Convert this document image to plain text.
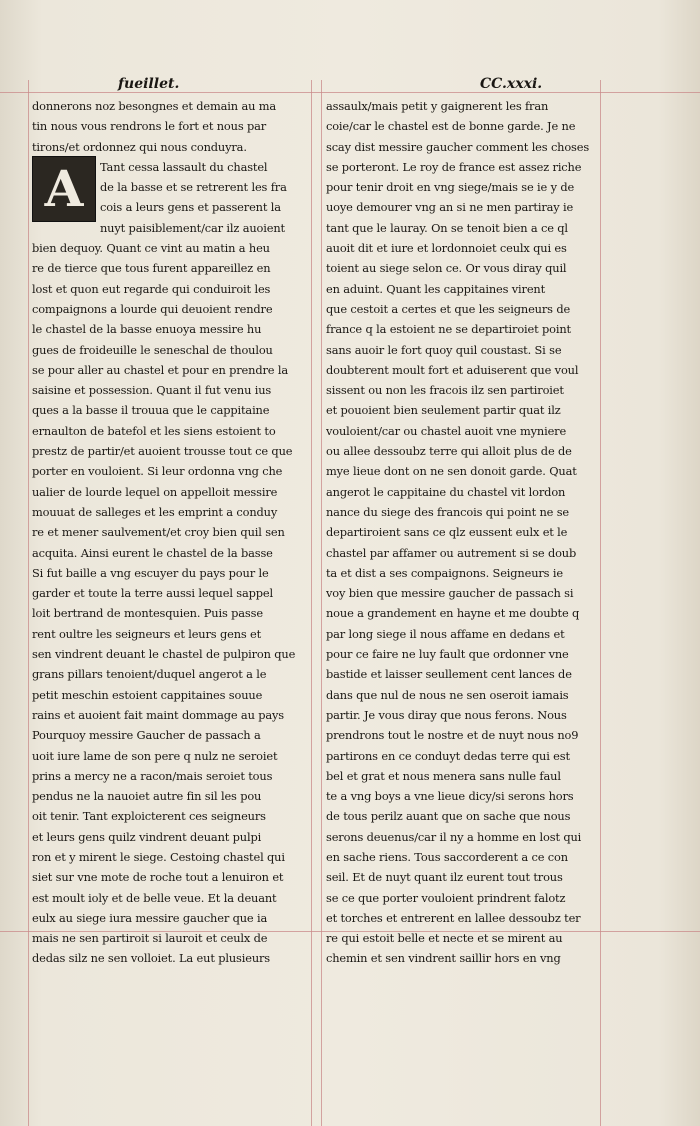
fueillet.	CC.xxxi.
A
donnerons noz besongnes et demain au ma
tin nous vous rendrons le fort et nous par
tirons/et ordonnez qui nous conduyra.
Tant cessa lassault du chastel
de la basse et se retrerent les fra
cois a leurs gens et passerent la
nuyt paisiblement/car ilz auoient
bien dequoy. Quant ce vint au matin a heu
re de tierce que tous furent appareillez en
lost et quon eut regarde qui conduiroit les
compaignons a lourde qui deuoient rendre
le chastel de la basse enuoya messire hu
gues de froideuille le seneschal de thoulou
se pour aller au chastel et pour en prendre la
saisine et possession. Quant il fut venu ius
ques a la basse il trouua que le cappitaine
ernaulton de batefol et les siens estoient to
prestz de partir/et auoient trousse tout ce que
porter en vouloient. Si leur ordonna vng che
ualier de lourde lequel on appelloit messire
mouuat de salleges et les emprint a conduy
re et mener saulvement/et croy bien quil sen
acquita. Ainsi eurent le chastel de la basse
Si fut baille a vng escuyer du pays pour le
garder et toute la terre aussi lequel sappel
loit bertrand de montesquien. Puis passe
rent oultre les seigneurs et leurs gens et
sen vindrent deuant le chastel de pulpiron que
grans pillars tenoient/duquel angerot a le
petit meschin estoient cappitaines souue
rains et auoient fait maint dommage au pays
Pourquoy messire Gaucher de passach a
uoit iure lame de son pere q nulz ne seroiet
prins a mercy ne a racon/mais seroiet tous
pendus ne la nauoiet autre fin sil les pou
oit tenir. Tant exploicterent ces seigneurs
et leurs gens quilz vindrent deuant pulpi
ron et y mirent le siege. Cestoing chastel qui
siet sur vne mote de roche tout a lenuiron et
est moult ioly et de belle veue. Et la deuant
eulx au siege iura messire gaucher que ia
mais ne sen partiroit si lauroit et ceulx de
dedas silz ne sen volloiet. La eut plusieurs
assaulx/mais petit y gaignerent les fran
coie/car le chastel est de bonne garde. Je ne
scay dist messire gaucher comment les choses
se porteront. Le roy de france est assez riche
pour tenir droit en vng siege/mais se ie y de
uoye demourer vng an si ne men partiray ie
tant que le lauray. On se tenoit bien a ce ql
auoit dit et iure et lordonnoiet ceulx qui es
toient au siege selon ce. Or vous diray quil
en aduint. Quant les cappitaines virent
que cestoit a certes et que les seigneurs de
france q la estoient ne se departiroiet point
sans auoir le fort quoy quil coustast. Si se
doubterent moult fort et aduiserent que voul
sissent ou non les fracois ilz sen partiroiet
et pouoient bien seulement partir quat ilz
vouloient/car ou chastel auoit vne myniere
ou allee dessoubz terre qui alloit plus de de
mye lieue dont on ne sen donoit garde. Quat
angerot le cappitaine du chastel vit lordon
nance du siege des francois qui point ne se
departiroient sans ce qlz eussent eulx et le
chastel par affamer ou autrement si se doub
ta et dist a ses compaignons. Seigneurs ie
voy bien que messire gaucher de passach si
noue a grandement en hayne et me doubte q
par long siege il nous affame en dedans et
pour ce faire ne luy fault que ordonner vne
bastide et laisser seullement cent lances de
dans que nul de nous ne sen oseroit iamais
partir. Je vous diray que nous ferons. Nous
prendrons tout le nostre et de nuyt nous no9
partirons en ce conduyt dedas terre qui est
bel et grat et nous menera sans nulle faul
te a vng boys a vne lieue dicy/si serons hors
de tous perilz auant que on sache que nous
serons deuenus/car il ny a homme en lost qui
en sache riens. Tous saccorderent a ce con
seil. Et de nuyt quant ilz eurent tout trous
se ce que porter vouloient prindrent falotz
et torches et entrerent en lallee dessoubz ter
re qui estoit belle et necte et se mirent au
chemin et sen vindrent saillir hors en vng
